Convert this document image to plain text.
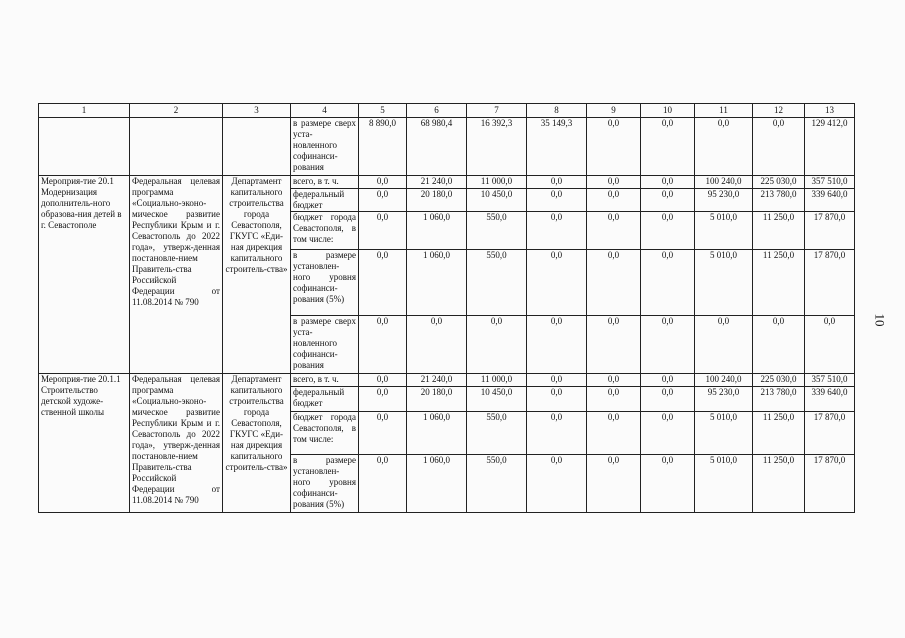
1	2	3	4	5	6	7	8	9	10	11	12	13
			в размере сверх уста-новленного софинанси-рования	8 890,0	68 980,4	16 392,3	35 149,3	0,0	0,0	0,0	0,0	129 412,0
Мероприя-тие 20.1 Модернизация дополнитель-ного образова-ния детей в г. Севастополе	Федеральная целевая программа «Социально-эконо-мическое развитие Республики Крым и г. Севастополь до 2022 года», утверж-денная постановле-нием Правитель-ства Российской Федерации от 11.08.2014 № 790	Департамент капитального строительства города Севастополя, ГКУГС «Еди-ная дирекция капитального строитель-ства»	всего, в т. ч.	0,0	21 240,0	11 000,0	0,0	0,0	0,0	100 240,0	225 030,0	357 510,0
			федеральный бюджет	0,0	20 180,0	10 450,0	0,0	0,0	0,0	95 230,0	213 780,0	339 640,0
			бюджет города Севастополя, в том числе:	0,0	1 060,0	550,0	0,0	0,0	0,0	5 010,0	11 250,0	17 870,0
			в размере установлен-ного уровня софинанси-рования (5%)	0,0	1 060,0	550,0	0,0	0,0	0,0	5 010,0	11 250,0	17 870,0
			в размере сверх уста-новленного софинанси-рования	0,0	0,0	0,0	0,0	0,0	0,0	0,0	0,0	0,0
Мероприя-тие 20.1.1 Строительство детской художе-ственной школы	Федеральная целевая программа «Социально-эконо-мическое развитие Республики Крым и г. Севастополь до 2022 года», утверж-денная постановле-нием Правитель-ства Российской Федерации от 11.08.2014 № 790	Департамент капитального строительства города Севастополя, ГКУГС «Еди-ная дирекция капитального строитель-ства»	всего, в т. ч.	0,0	21 240,0	11 000,0	0,0	0,0	0,0	100 240,0	225 030,0	357 510,0
			федеральный бюджет	0,0	20 180,0	10 450,0	0,0	0,0	0,0	95 230,0	213 780,0	339 640,0
			бюджет города Севастополя, в том числе:	0,0	1 060,0	550,0	0,0	0,0	0,0	5 010,0	11 250,0	17 870,0
			в размере установлен-ного уровня софинанси-рования (5%)	0,0	1 060,0	550,0	0,0	0,0	0,0	5 010,0	11 250,0	17 870,0
10
